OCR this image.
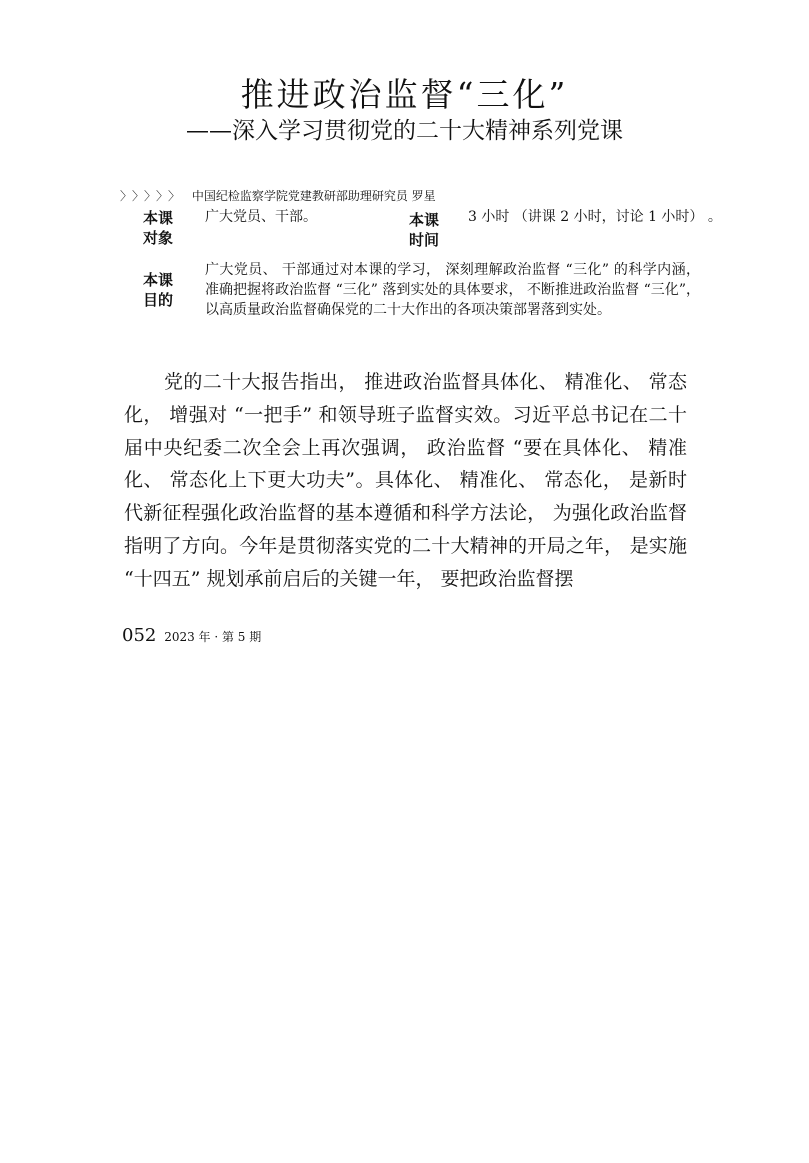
推进政治监督“三化”
——深入学习贯彻党的二十大精神系列党课
〉〉〉〉〉 中国纪检监察学院党建教研部助理研究员 罗星
本课对象
广大党员、干部。	本课时间
3 小时 （讲课 2 小时，讨论 1 小时） 。
本课目的
广大党员、 干部通过对本课的学习， 深刻理解政治监督 “三化” 的科学内涵， 准确把握将政治监督 “三化” 落到实处的具体要求， 不断推进政治监督 “三化”， 以高质量政治监督确保党的二十大作出的各项决策部署落到实处。
党的二十大报告指出， 推进政治监督具体化、 精准化、 常态化， 增强对 “一把手” 和领导班子监督实效。习近平总书记在二十届中央纪委二次全会上再次强调， 政治监督 “要在具体化、 精准化、 常态化上下更大功夫”。具体化、 精准化、 常态化， 是新时代新征程强化政治监督的基本遵循和科学方法论， 为强化政治监督指明了方向。今年是贯彻落实党的二十大精神的开局之年， 是实施 “十四五” 规划承前启后的关键一年， 要把政治监督摆
052 2023 年 · 第 5 期
